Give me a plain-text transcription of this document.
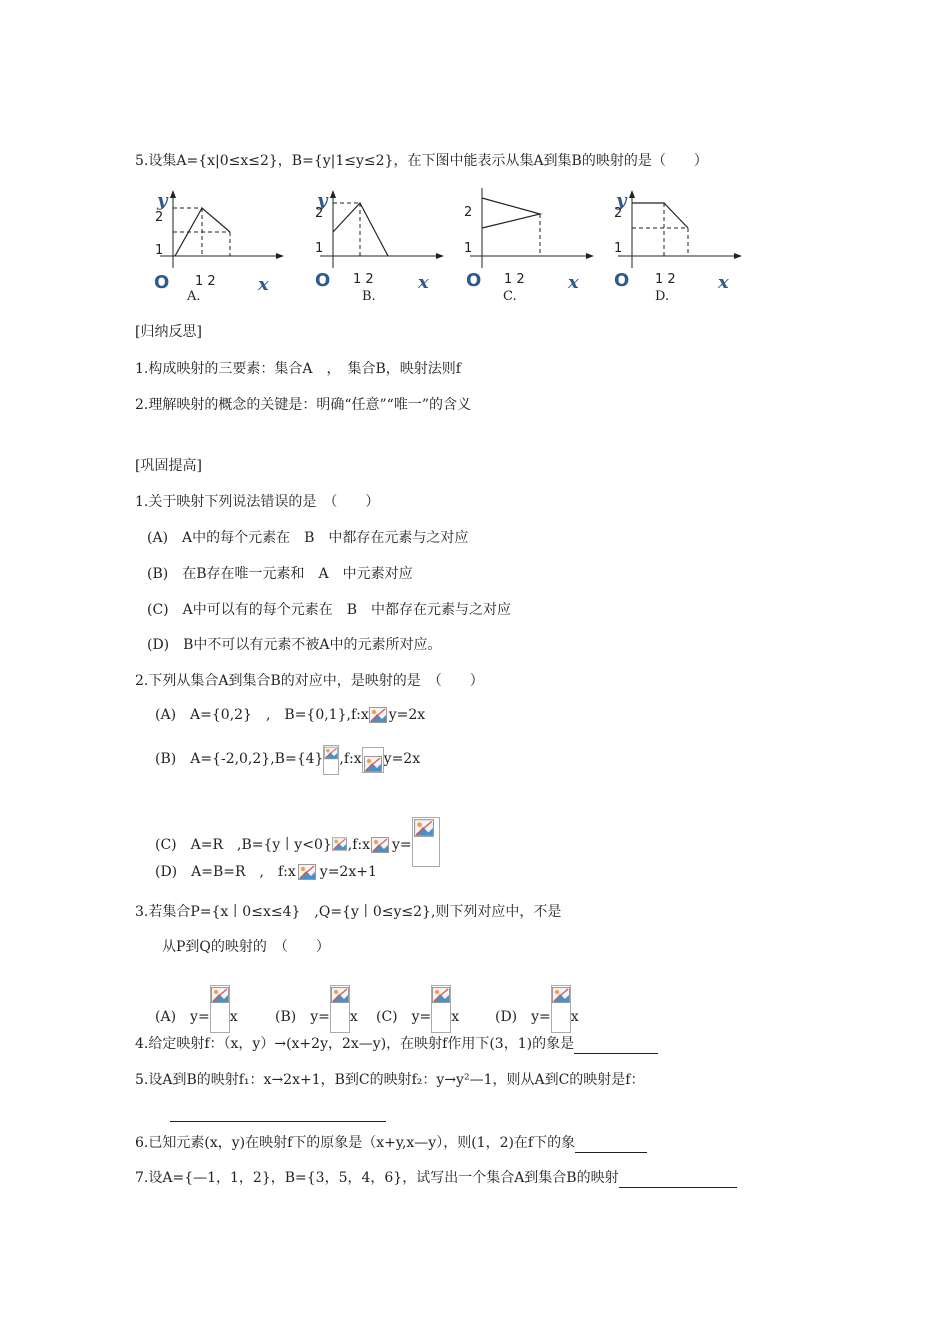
5.设集A={x|0≤x≤2}，B={y|1≤y≤2}，在下图中能表示从集A到集B的映射的是（　　）
y
2
1
O 1 2 x
A.
y
2
1
O 1 2 x
B.
2
1
O 1 2 x
C.
y
2
1
O 1 2 x
D.
[归纳反思]
1.构成映射的三要素：集合A　，　集合B，映射法则f
2.理解映射的概念的关键是：明确“任意”“唯一”的含义
[巩固提高]
1.关于映射下列说法错误的是　（　　）
(A)　A中的每个元素在　B　中都存在元素与之对应
(B)　在B存在唯一元素和　A　中元素对应
(C)　A中可以有的每个元素在　B　中都存在元素与之对应
(D)　B中不可以有元素不被A中的元素所对应。
2.下列从集合A到集合B的对应中，是映射的是　（　　）
(A)　A={0,2}　,　B={0,1},f:x y=2x
(B)　A={-2,0,2},B={4} ,f:x y=2x
(C)　A=R　,B={y丨y<0} ,f:x y=
(D)　A=B=R　,　f:x y=2x+1
3.若集合P={x丨0≤x≤4}　,Q={y丨0≤y≤2},则下列对应中，不是
从P到Q的映射的　（　　）
(A)　y= x	(B)　y= x (C)　y= x	(D)　y= x
4.给定映射f：（x，y）→(x+2y，2x—y)，在映射f作用下(3，1)的象是
5.设A到B的映射f₁：x→2x+1，B到C的映射f₂：y→y²—1，则从A到C的映射是f：
6.已知元素(x，y)在映射f下的原象是（x+y,x—y），则(1，2)在f下的象
7.设A={—1，1，2}，B={3，5，4，6}，试写出一个集合A到集合B的映射
